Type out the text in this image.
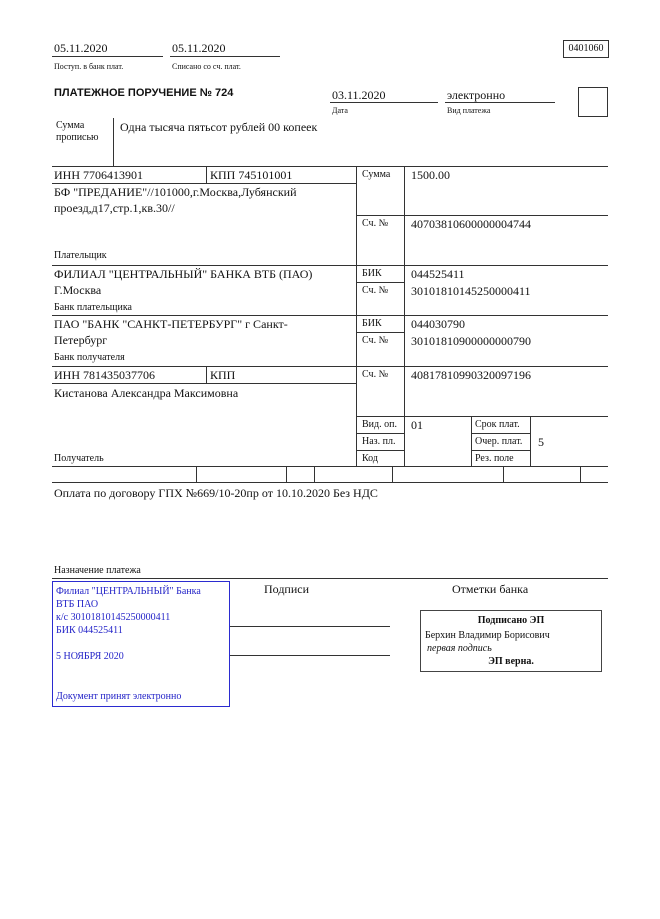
05.11.2020
Поступ. в банк плат.
05.11.2020
Списано со сч. плат.
0401060
ПЛАТЕЖНОЕ ПОРУЧЕНИЕ № 724	03.11.2020
Дата
электронно
Вид платежа
Сумма
прописью
Одна тысяча пятьсот рублей 00 копеек
ИНН 7706413901	КПП 745101001
БФ "ПРЕДАНИЕ"//101000,г.Москва,Лубянский
проезд,д17,стр.1,кв.30//
Плательщик
Сумма 1500.00
Сч. № 40703810600000004744
ФИЛИАЛ "ЦЕНТРАЛЬНЫЙ" БАНКА ВТБ (ПАО)
Г.Москва
Банк плательщика
БИК 044525411
Сч. № 30101810145250000411
ПАО "БАНК "САНКТ-ПЕТЕРБУРГ" г Санкт-
Петербург
Банк получателя
БИК 044030790
Сч. № 30101810900000000790
ИНН 781435037706	КПП
Кистанова Александра Максимовна
Получатель
Сч. № 40817810990320097196
Вид. оп. 01
Наз. пл.
Код
Срок плат.
Очер. плат. 5
Рез. поле
Оплата по договору ГПХ №669/10-20пр от 10.10.2020 Без НДС
Назначение платежа
Подписи	Отметки банка
Филиал "ЦЕНТРАЛЬНЫЙ" Банка
ВТБ ПАО
к/с 30101810145250000411
БИК 044525411
5 НОЯБРЯ 2020
Документ принят электронно
Подписано ЭП
Берхин Владимир Борисович
первая подпись
ЭП верна.
